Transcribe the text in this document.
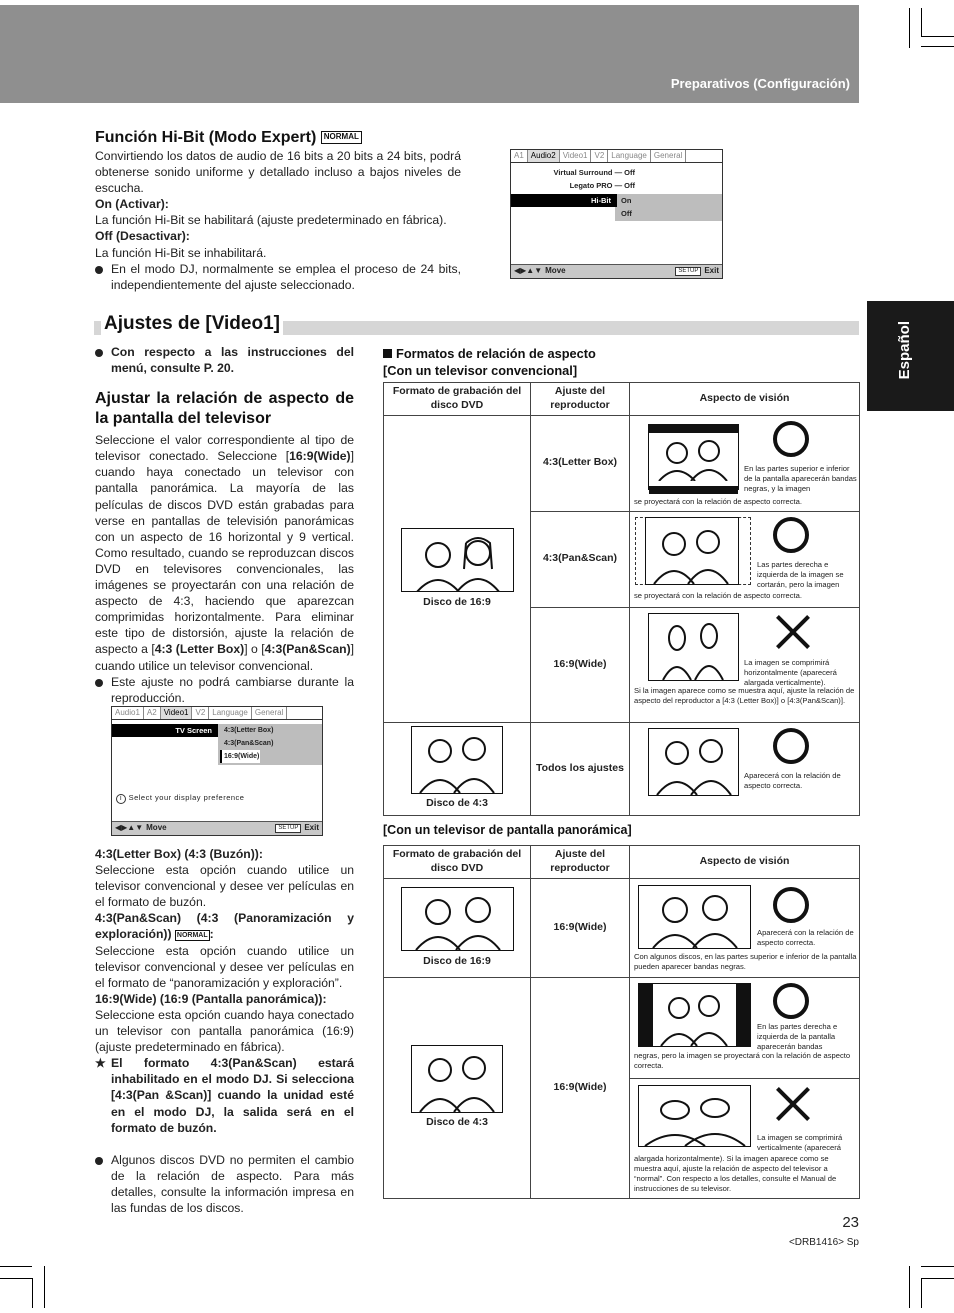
Preparativos (Configuración)
Español
Función Hi-Bit (Modo Expert) NORMAL

Convirtiendo los datos de audio de 16 bits a 20 bits a 24 bits, podrá obtenerse sonido uniforme y detallado incluso a bajos niveles de escucha.

On (Activar):

La función Hi-Bit se habilitará (ajuste predeterminado en fábrica).

Off (Desactivar):

La función Hi-Bit se inhabilitará.

En el modo DJ, normalmente se emplea el proceso de 24 bits, independientemente del ajuste seleccionado.

A1 Audio2 Video1 V2 Language General
Virtual Surround — Off
Legato PRO — Off
Hi-Bit	On
Off
◀▶▲▼ Move	SETUP Exit
Ajustes de [Video1]

Con respecto a las instrucciones del menú, consulte P. 20.

Ajustar la relación de aspecto de la pantalla del televisor

Seleccione el valor correspondiente al tipo de televisor conectado. Seleccione [16:9(Wide)] cuando haya conectado un televisor con pantalla panorámica. La mayoría de las películas de discos DVD están grabadas para verse en pantallas de televisión panorámicas con un aspecto de 16 horizontal y 9 vertical. Como resultado, cuando se reproduzcan discos DVD en televisores convencionales, las imágenes se proyectarán con una relación de aspecto de 4:3, haciendo que aparezcan comprimidas horizontalmente. Para eliminar este tipo de distorsión, ajuste la relación de aspecto a [4:3 (Letter Box)] o [4:3(Pan&Scan)] cuando utilice un televisor convencional.

Este ajuste no podrá cambiarse durante la reproducción.

Audio1 A2 Video1 V2 Language General
TV Screen	4:3(Letter Box)
4:3(Pan&Scan)
16:9(Wide)
i Select your display preference
◀▶▲▼ Move	SETUP Exit

4:3(Letter Box) (4:3 (Buzón)):

Seleccione esta opción cuando utilice un televisor convencional y desee ver películas en el formato de buzón.

4:3(Pan&Scan) (4:3 (Panoramización y exploración)) NORMAL :

Seleccione esta opción cuando utilice un televisor convencional y desee ver películas en el formato de “panoramización y exploración”.

16:9(Wide) (16:9 (Pantalla panorámica)):

Seleccione esta opción cuando haya conectado un televisor con pantalla panorámica (16:9) (ajuste predeterminado en fábrica).

★ El formato 4:3(Pan&Scan) estará inhabilitado en el modo DJ. Si selecciona [4:3(Pan &Scan)] cuando la unidad esté en el modo DJ, la salida será en el formato de buzón.

Algunos discos DVD no permiten el cambio de la relación de aspecto. Para más detalles, consulte la información impresa en las fundas de los discos.

Formatos de relación de aspecto
[Con un televisor convencional]
Formato de grabación del disco DVD	Ajuste del reproductor	Aspecto de visión

Disco de 16:9	4:3(Letter Box)	En las partes superior e inferior de la pantalla aparecerán bandas negras, y la imagen
se proyectará con la relación de aspecto correcta.

	4:3(Pan&Scan)	Las partes derecha e izquierda de la imagen se cortarán, pero la imagen
se proyectará con la relación de aspecto correcta.

	16:9(Wide)	La imagen se comprimirá horizontalmente (aparecerá alargada verticalmente).
Si la imagen aparece como se muestra aquí, ajuste la relación de aspecto del reproductor a [4:3 (Letter Box)] o [4:3(Pan&Scan)].

Disco de 4:3	Todos los ajustes	Aparecerá con la relación de aspecto correcta.
[Con un televisor de pantalla panorámica]
Formato de grabación del disco DVD	Ajuste del reproductor	Aspecto de visión

Disco de 16:9	16:9(Wide)	Aparecerá con la relación de aspecto correcta.
Con algunos discos, en las partes superior e inferior de la pantalla pueden aparecer bandas negras.

Disco de 4:3	16:9(Wide)	En las partes derecha e izquierda de la pantalla aparecerán bandas
negras, pero la imagen se proyectará con la relación de aspecto correcta.

		La imagen se comprimirá verticalmente (aparecerá
alargada horizontalmente). Si la imagen aparece como se muestra aquí, ajuste la relación de aspecto del televisor a “normal”. Con respecto a los detalles, consulte el Manual de instrucciones de su televisor.
23
<DRB1416> Sp
